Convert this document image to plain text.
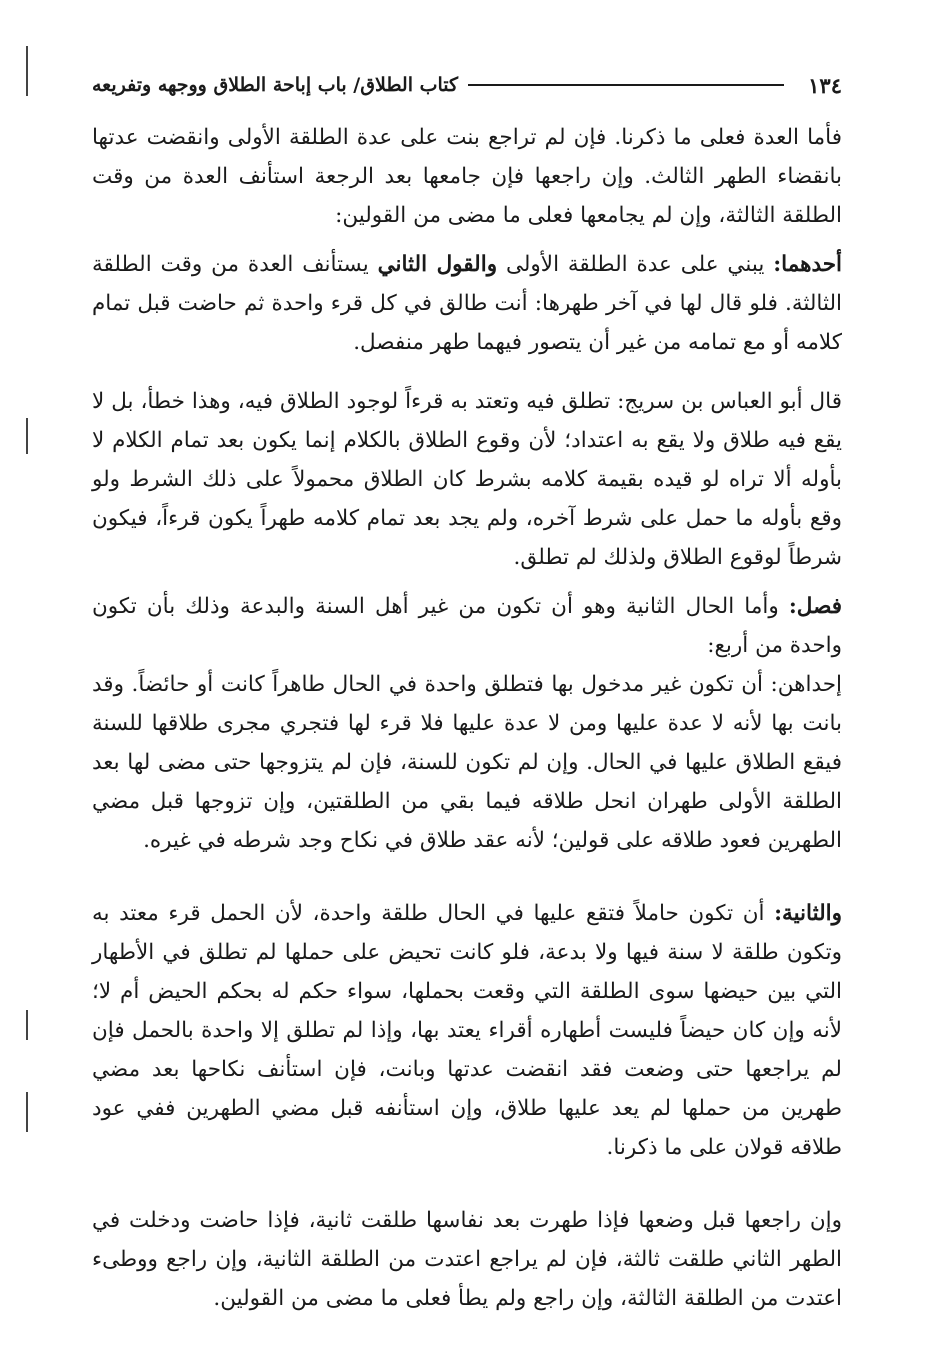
١٣٤
كتاب الطلاق/ باب إباحة الطلاق ووجهه وتفريعه

فأما العدة فعلى ما ذكرنا. فإن لم تراجع بنت على عدة الطلقة الأولى وانقضت عدتها بانقضاء الطهر الثالث. وإن راجعها فإن جامعها بعد الرجعة استأنف العدة من وقت الطلقة الثالثة، وإن لم يجامعها فعلى ما مضى من القولين:

أحدهما: يبني على عدة الطلقة الأولى والقول الثاني يستأنف العدة من وقت الطلقة الثالثة. فلو قال لها في آخر طهرها: أنت طالق في كل قرء واحدة ثم حاضت قبل تمام كلامه أو مع تمامه من غير أن يتصور فيهما طهر منفصل.

قال أبو العباس بن سريج: تطلق فيه وتعتد به قرءاً لوجود الطلاق فيه، وهذا خطأ، بل لا يقع فيه طلاق ولا يقع به اعتداد؛ لأن وقوع الطلاق بالكلام إنما يكون بعد تمام الكلام لا بأوله ألا تراه لو قيده بقيمة كلامه بشرط كان الطلاق محمولاً على ذلك الشرط ولو وقع بأوله ما حمل على شرط آخره، ولم يجد بعد تمام كلامه طهراً يكون قرءاً، فيكون شرطاً لوقوع الطلاق ولذلك لم تطلق.

فصل: وأما الحال الثانية وهو أن تكون من غير أهل السنة والبدعة وذلك بأن تكون واحدة من أربع:

إحداهن: أن تكون غير مدخول بها فتطلق واحدة في الحال طاهراً كانت أو حائضاً. وقد بانت بها لأنه لا عدة عليها ومن لا عدة عليها فلا قرء لها فتجري مجرى طلاقها للسنة فيقع الطلاق عليها في الحال. وإن لم تكون للسنة، فإن لم يتزوجها حتى مضى لها بعد الطلقة الأولى طهران انحل طلاقه فيما بقي من الطلقتين، وإن تزوجها قبل مضي الطهرين فعود طلاقه على قولين؛ لأنه عقد طلاق في نكاح وجد شرطه في غيره.

والثانية: أن تكون حاملاً فتقع عليها في الحال طلقة واحدة، لأن الحمل قرء معتد به وتكون طلقة لا سنة فيها ولا بدعة، فلو كانت تحيض على حملها لم تطلق في الأطهار التي بين حيضها سوى الطلقة التي وقعت بحملها، سواء حكم له بحكم الحيض أم لا؛ لأنه وإن كان حيضاً فليست أطهاره أقراء يعتد بها، وإذا لم تطلق إلا واحدة بالحمل فإن لم يراجعها حتى وضعت فقد انقضت عدتها وبانت، فإن استأنف نكاحها بعد مضي طهرين من حملها لم يعد عليها طلاق، وإن استأنفه قبل مضي الطهرين ففي عود طلاقه قولان على ما ذكرنا.

وإن راجعها قبل وضعها فإذا طهرت بعد نفاسها طلقت ثانية، فإذا حاضت ودخلت في الطهر الثاني طلقت ثالثة، فإن لم يراجع اعتدت من الطلقة الثانية، وإن راجع ووطىء اعتدت من الطلقة الثالثة، وإن راجع ولم يطأ فعلى ما مضى من القولين.
